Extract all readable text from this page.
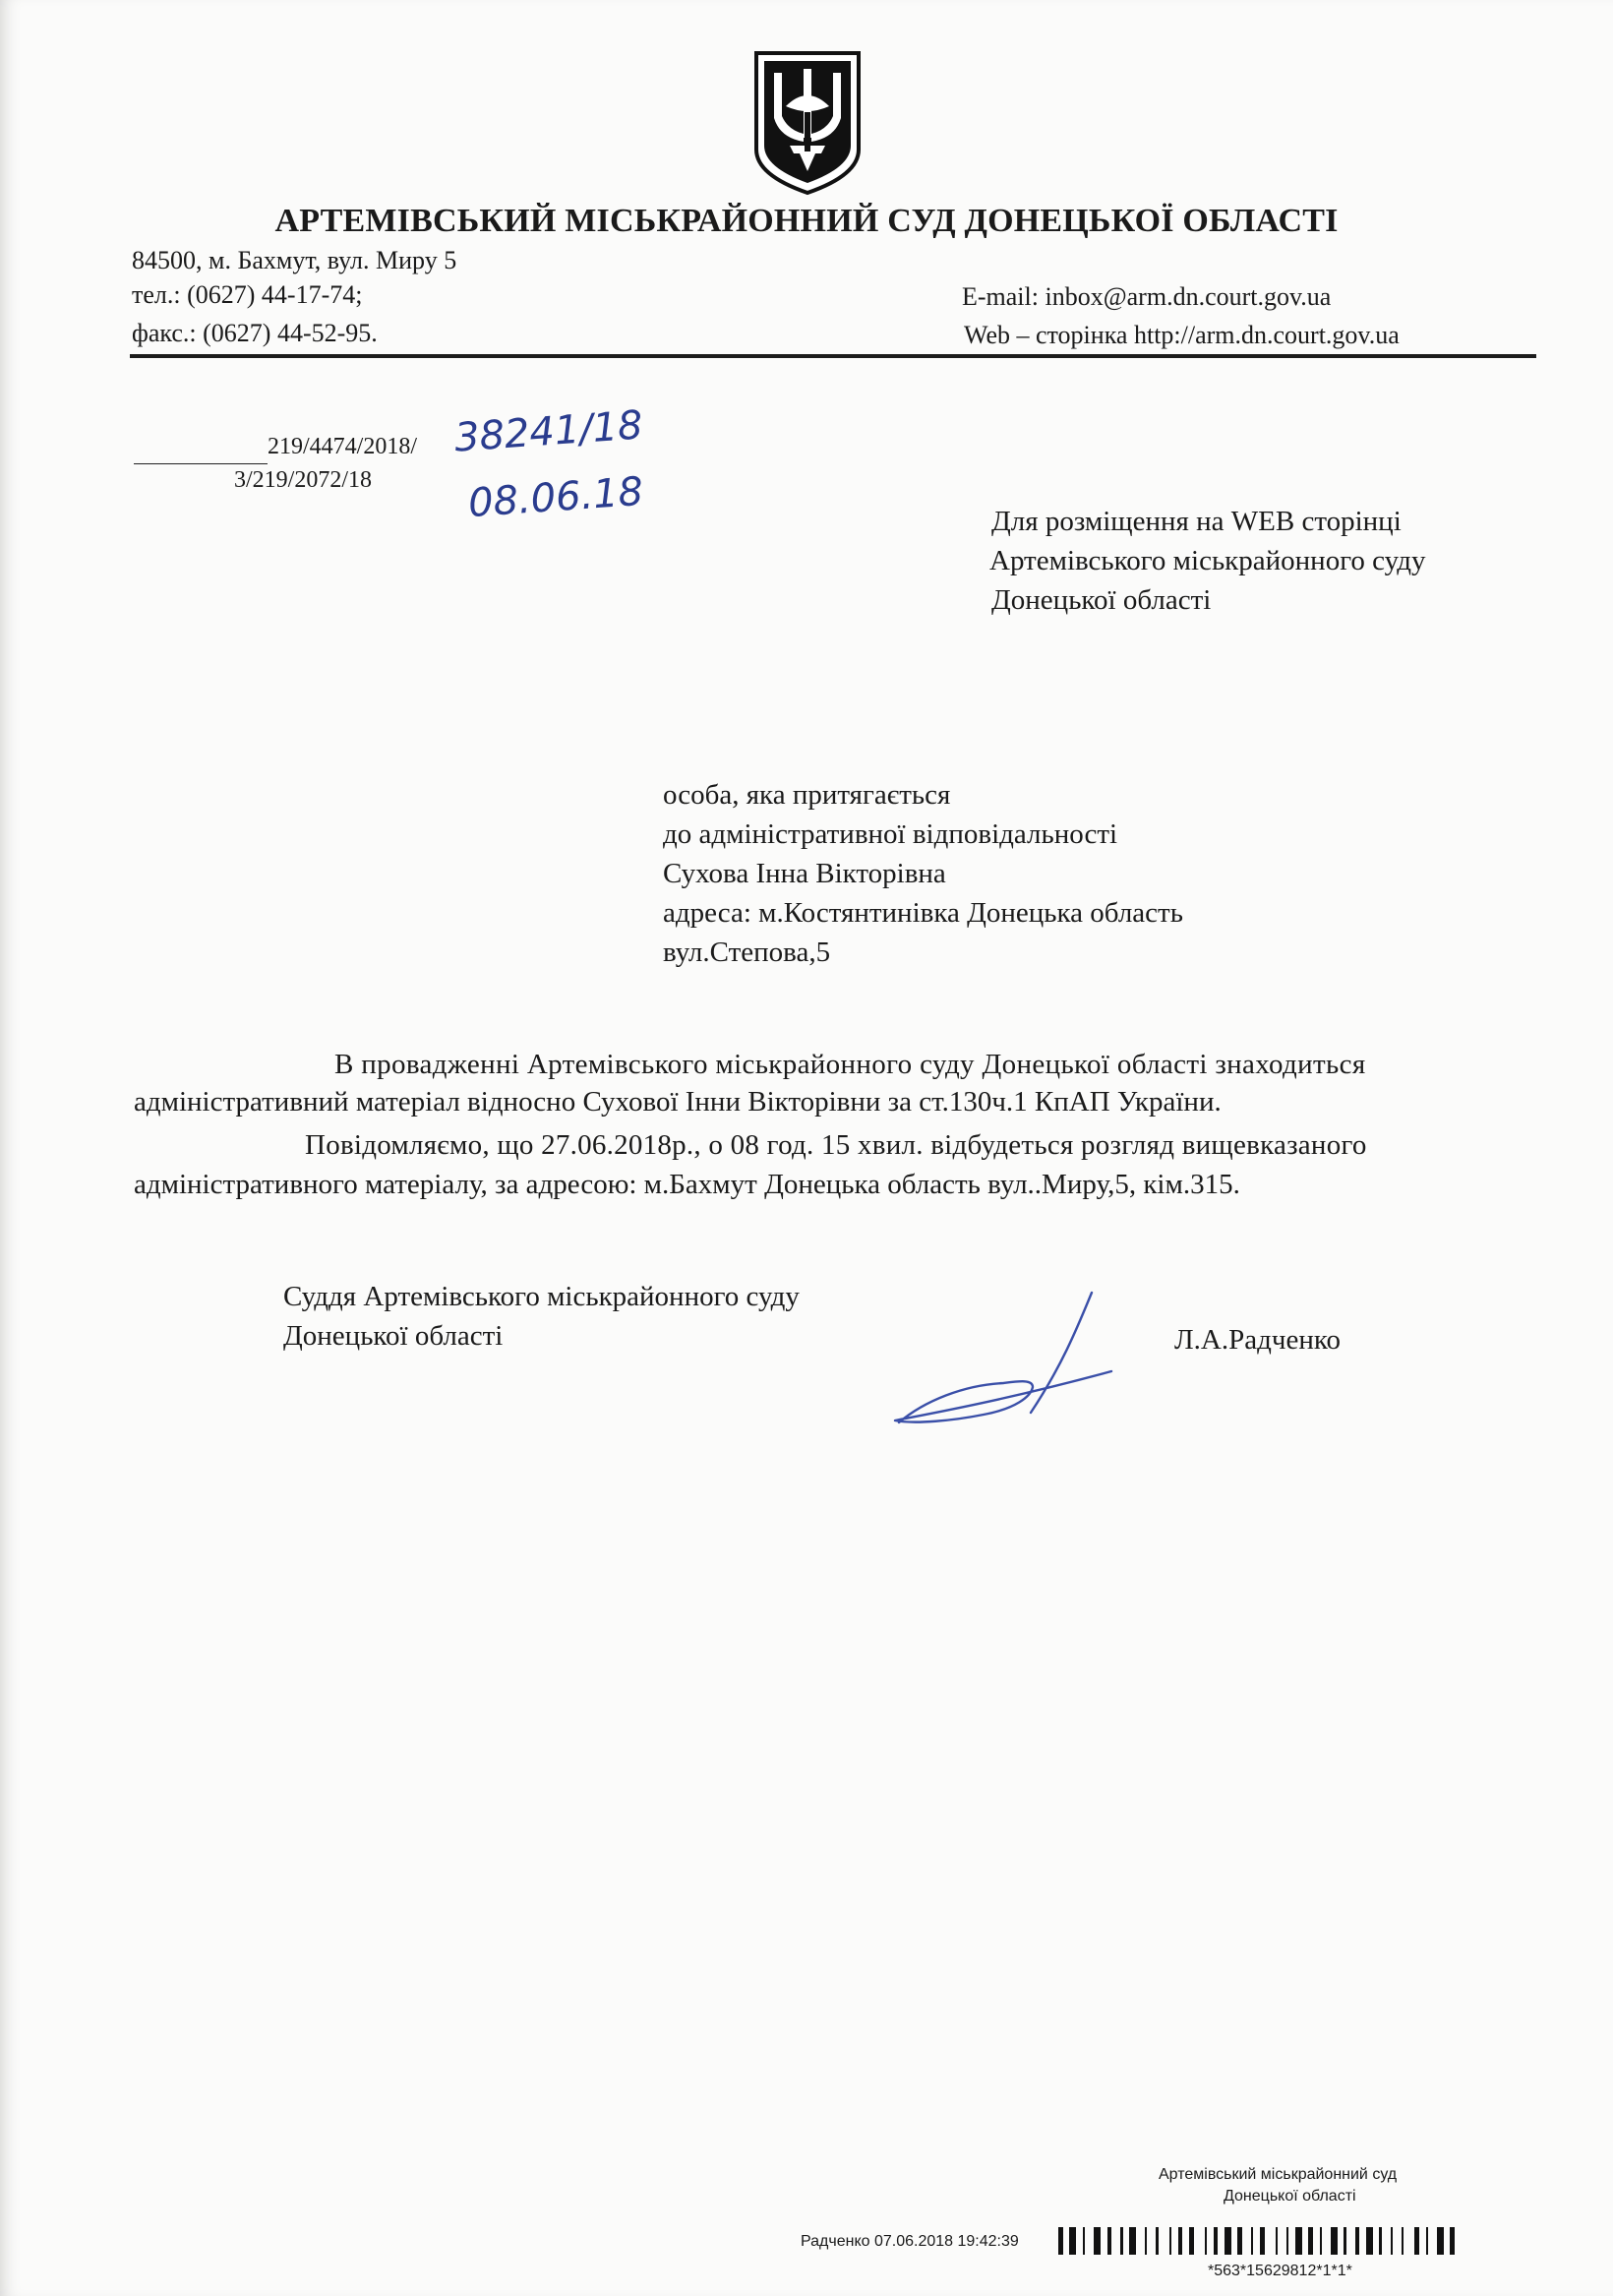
АРТЕМІВСЬКИЙ МІСЬКРАЙОННИЙ СУД ДОНЕЦЬКОЇ ОБЛАСТІ
84500, м. Бахмут, вул. Миру 5
тел.: (0627) 44-17-74;
факс.: (0627) 44-52-95.
E-mail: inbox@arm.dn.court.gov.ua
Web – сторінка http://arm.dn.court.gov.ua
219/4474/2018/
3/219/2072/18
38241/18
08.06.18	Для розміщення на WEB сторінці
Артемівського міськрайонного суду
Донецької області
особа, яка притягається
до адміністративної відповідальності
Сухова Інна Вікторівна
адреса: м.Костянтинівка Донецька область
вул.Степова,5
В провадженні Артемівського міськрайонного суду Донецької області знаходиться
адміністративний матеріал відносно Сухової Інни Вікторівни за ст.130ч.1 КпАП України.
Повідомляємо, що 27.06.2018р., о 08 год. 15 хвил. відбудеться розгляд вищевказаного
адміністративного матеріалу, за адресою: м.Бахмут Донецька область вул..Миру,5, кім.315.
Суддя Артемівського міськрайонного суду
Донецької області	Л.А.Радченко
Артемівський міськрайонний суд
Донецької області
Радченко 07.06.2018 19:42:39
*563*15629812*1*1*
